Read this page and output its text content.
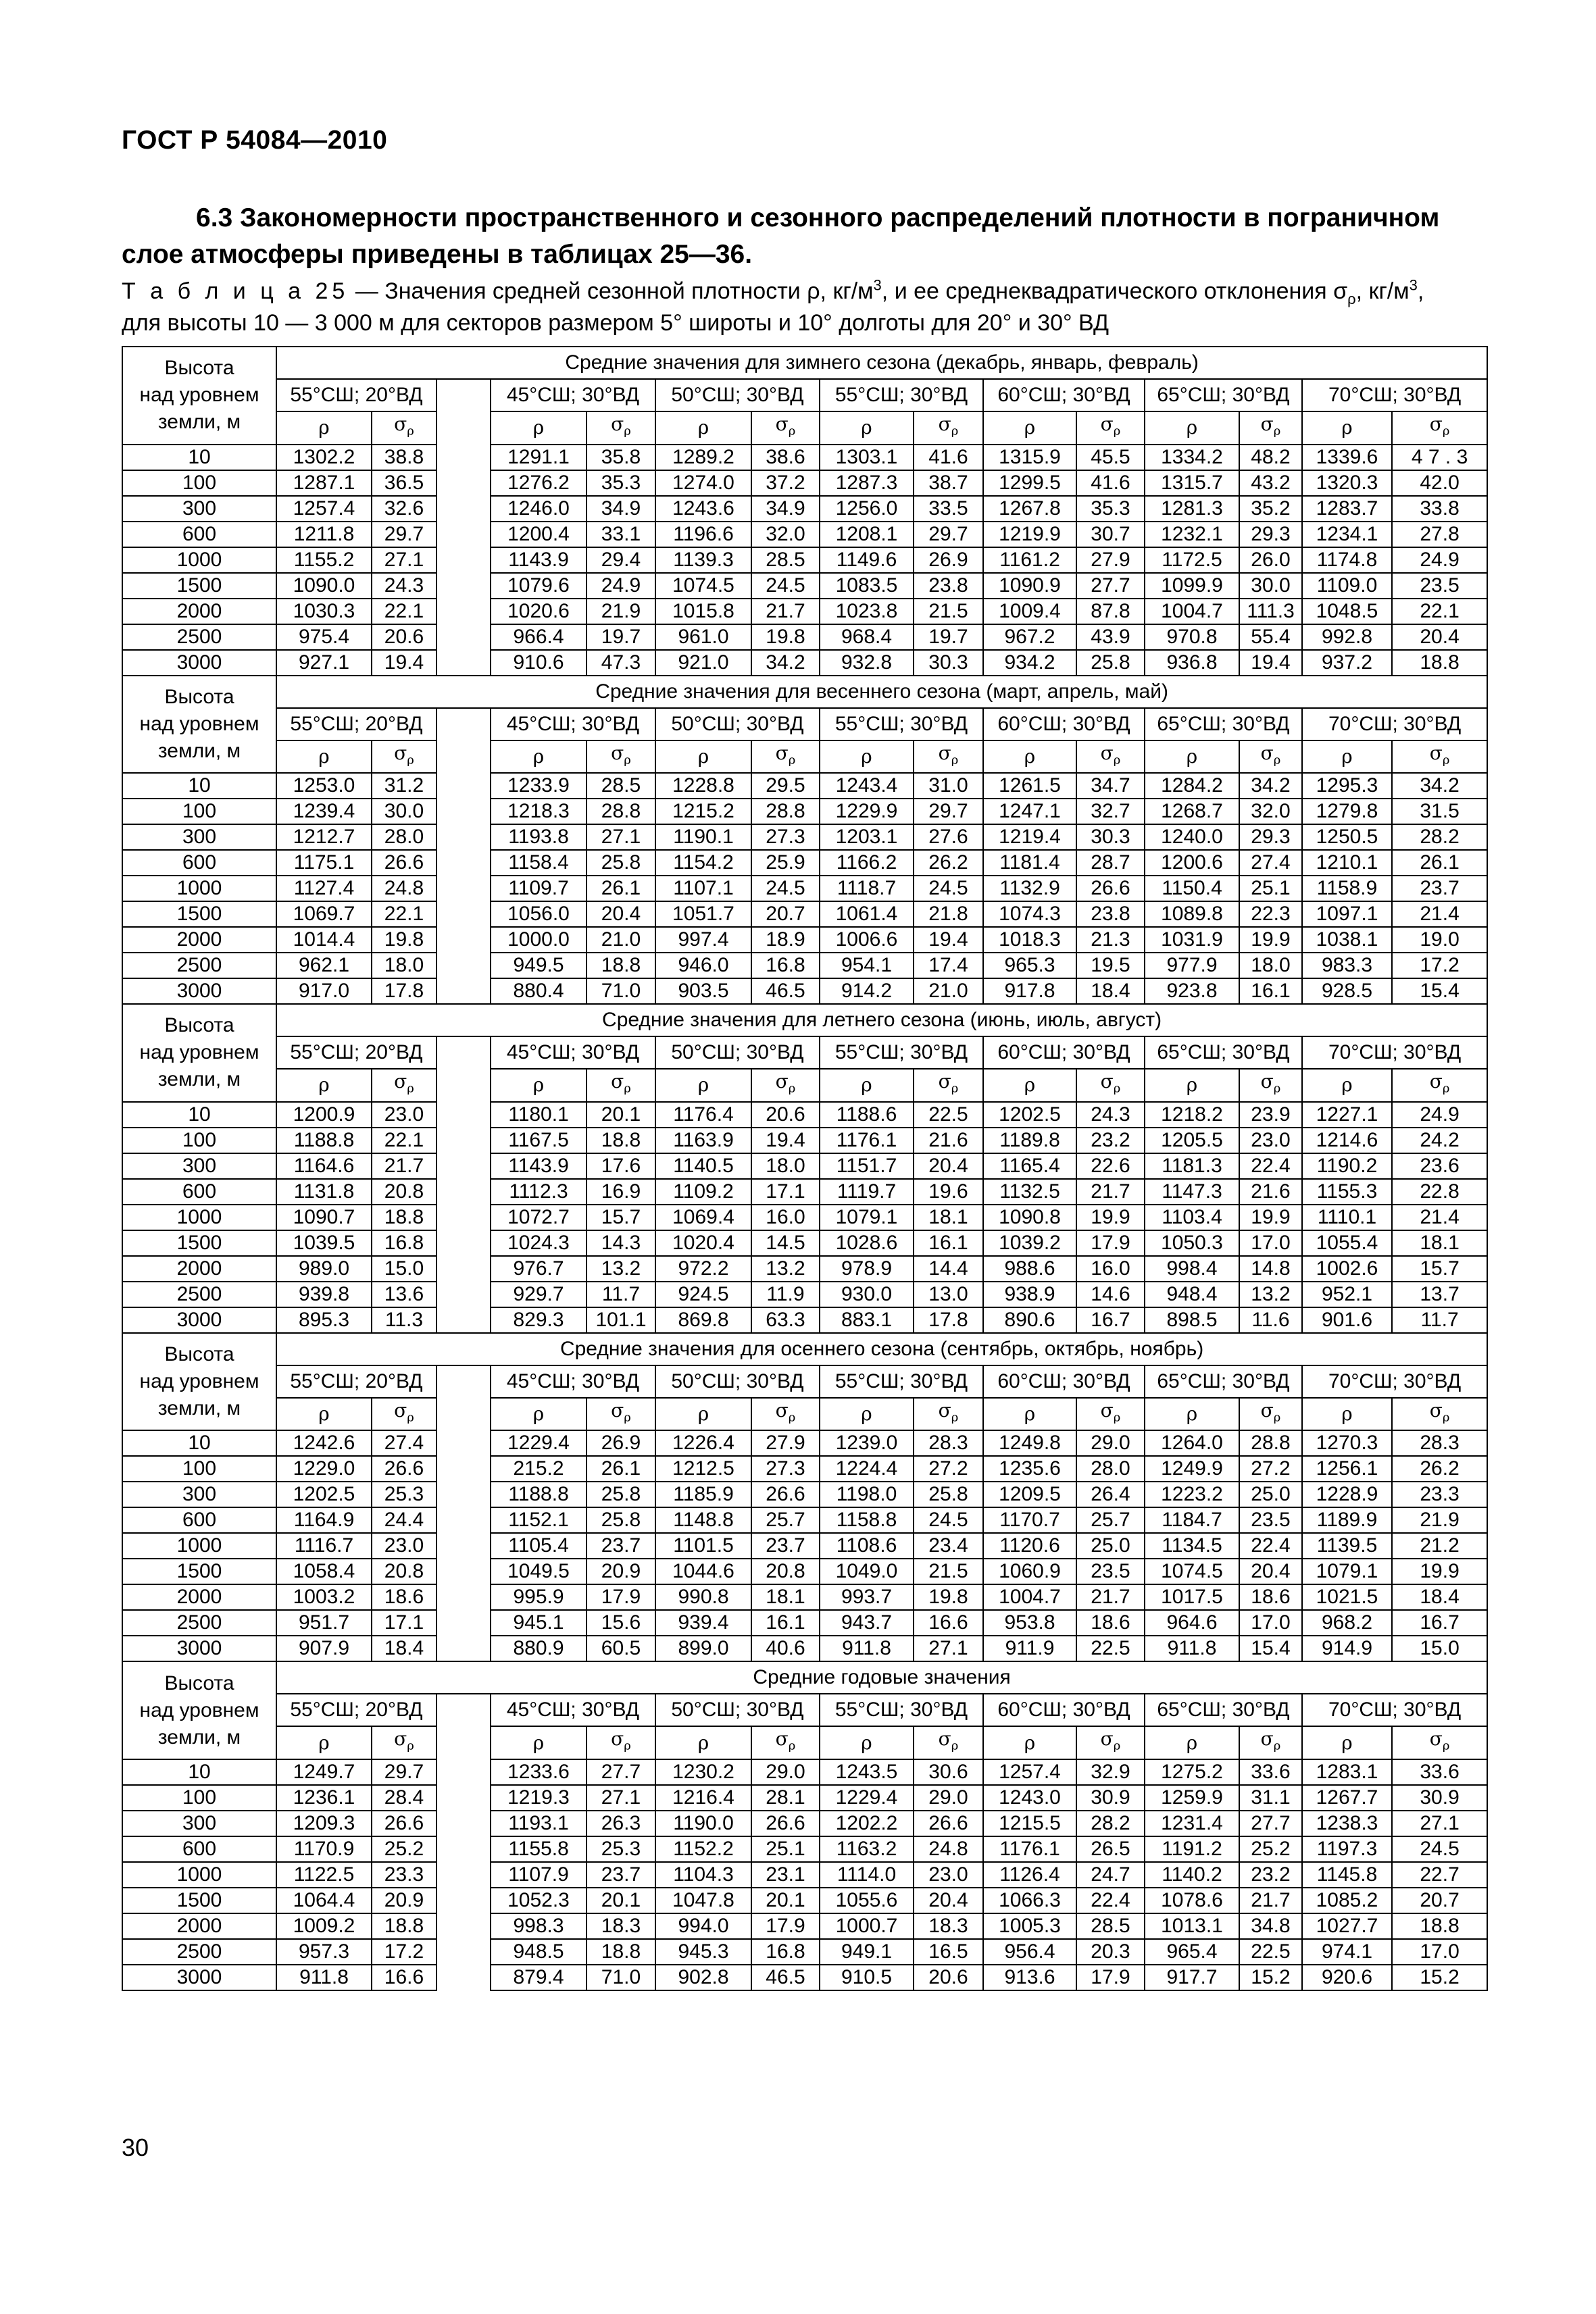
ГОСТ Р 54084—2010
6.3 Закономерности пространственного и сезонного распределений плотности в пограничном слое атмосферы приведены в таблицах 25—36.
Т а б л и ц а 25 — Значения средней сезонной плотности ρ, $кг/м^3$, и ее среднеквадратического отклонения $\sigma_\rho$, $кг/м^3$,
для высоты 10 — 3 000 м для секторов размером 5° широты и 10° долготы для 20° и 30° ВД
Высота
над уровнем
земли, м	Средние значения для зимнего сезона (декабрь, январь, февраль)														
	55°СШ; 20°ВД			45°СШ; 30°ВД		50°СШ; 30°ВД		55°СШ; 30°ВД		60°СШ; 30°ВД		65°СШ; 30°ВД		70°СШ; 30°ВД	
	ρ	$\sigma_\rho$		ρ	$\sigma_\rho$	ρ	$\sigma_\rho$	ρ	$\sigma_\rho$	ρ	$\sigma_\rho$	ρ	$\sigma_\rho$	ρ	$\sigma_\rho$
10	1302.2	38.8		1291.1	35.8	1289.2	38.6	1303.1	41.6	1315.9	45.5	1334.2	48.2	1339.6	4 7 . 3
100	1287.1	36.5		1276.2	35.3	1274.0	37.2	1287.3	38.7	1299.5	41.6	1315.7	43.2	1320.3	42.0
300	1257.4	32.6		1246.0	34.9	1243.6	34.9	1256.0	33.5	1267.8	35.3	1281.3	35.2	1283.7	33.8
600	1211.8	29.7		1200.4	33.1	1196.6	32.0	1208.1	29.7	1219.9	30.7	1232.1	29.3	1234.1	27.8
1000	1155.2	27.1		1143.9	29.4	1139.3	28.5	1149.6	26.9	1161.2	27.9	1172.5	26.0	1174.8	24.9
1500	1090.0	24.3		1079.6	24.9	1074.5	24.5	1083.5	23.8	1090.9	27.7	1099.9	30.0	1109.0	23.5
2000	1030.3	22.1		1020.6	21.9	1015.8	21.7	1023.8	21.5	1009.4	87.8	1004.7	111.3	1048.5	22.1
2500	975.4	20.6		966.4	19.7	961.0	19.8	968.4	19.7	967.2	43.9	970.8	55.4	992.8	20.4
3000	927.1	19.4		910.6	47.3	921.0	34.2	932.8	30.3	934.2	25.8	936.8	19.4	937.2	18.8

Высота
над уровнем
земли, м	Средние значения для весеннего сезона (март, апрель, май)														
	55°СШ; 20°ВД			45°СШ; 30°ВД		50°СШ; 30°ВД		55°СШ; 30°ВД		60°СШ; 30°ВД		65°СШ; 30°ВД		70°СШ; 30°ВД	
	ρ	$\sigma_\rho$		ρ	$\sigma_\rho$	ρ	$\sigma_\rho$	ρ	$\sigma_\rho$	ρ	$\sigma_\rho$	ρ	$\sigma_\rho$	ρ	$\sigma_\rho$
10	1253.0	31.2		1233.9	28.5	1228.8	29.5	1243.4	31.0	1261.5	34.7	1284.2	34.2	1295.3	34.2
100	1239.4	30.0		1218.3	28.8	1215.2	28.8	1229.9	29.7	1247.1	32.7	1268.7	32.0	1279.8	31.5
300	1212.7	28.0		1193.8	27.1	1190.1	27.3	1203.1	27.6	1219.4	30.3	1240.0	29.3	1250.5	28.2
600	1175.1	26.6		1158.4	25.8	1154.2	25.9	1166.2	26.2	1181.4	28.7	1200.6	27.4	1210.1	26.1
1000	1127.4	24.8		1109.7	26.1	1107.1	24.5	1118.7	24.5	1132.9	26.6	1150.4	25.1	1158.9	23.7
1500	1069.7	22.1		1056.0	20.4	1051.7	20.7	1061.4	21.8	1074.3	23.8	1089.8	22.3	1097.1	21.4
2000	1014.4	19.8		1000.0	21.0	997.4	18.9	1006.6	19.4	1018.3	21.3	1031.9	19.9	1038.1	19.0
2500	962.1	18.0		949.5	18.8	946.0	16.8	954.1	17.4	965.3	19.5	977.9	18.0	983.3	17.2
3000	917.0	17.8		880.4	71.0	903.5	46.5	914.2	21.0	917.8	18.4	923.8	16.1	928.5	15.4

Высота
над уровнем
земли, м	Средние значения для летнего сезона (июнь, июль, август)														
	55°СШ; 20°ВД			45°СШ; 30°ВД		50°СШ; 30°ВД		55°СШ; 30°ВД		60°СШ; 30°ВД		65°СШ; 30°ВД		70°СШ; 30°ВД	
	ρ	$\sigma_\rho$		ρ	$\sigma_\rho$	ρ	$\sigma_\rho$	ρ	$\sigma_\rho$	ρ	$\sigma_\rho$	ρ	$\sigma_\rho$	ρ	$\sigma_\rho$
10	1200.9	23.0		1180.1	20.1	1176.4	20.6	1188.6	22.5	1202.5	24.3	1218.2	23.9	1227.1	24.9
100	1188.8	22.1		1167.5	18.8	1163.9	19.4	1176.1	21.6	1189.8	23.2	1205.5	23.0	1214.6	24.2
300	1164.6	21.7		1143.9	17.6	1140.5	18.0	1151.7	20.4	1165.4	22.6	1181.3	22.4	1190.2	23.6
600	1131.8	20.8		1112.3	16.9	1109.2	17.1	1119.7	19.6	1132.5	21.7	1147.3	21.6	1155.3	22.8
1000	1090.7	18.8		1072.7	15.7	1069.4	16.0	1079.1	18.1	1090.8	19.9	1103.4	19.9	1110.1	21.4
1500	1039.5	16.8		1024.3	14.3	1020.4	14.5	1028.6	16.1	1039.2	17.9	1050.3	17.0	1055.4	18.1
2000	989.0	15.0		976.7	13.2	972.2	13.2	978.9	14.4	988.6	16.0	998.4	14.8	1002.6	15.7
2500	939.8	13.6		929.7	11.7	924.5	11.9	930.0	13.0	938.9	14.6	948.4	13.2	952.1	13.7
3000	895.3	11.3		829.3	101.1	869.8	63.3	883.1	17.8	890.6	16.7	898.5	11.6	901.6	11.7

Высота
над уровнем
земли, м	Средние значения для осеннего сезона (сентябрь, октябрь, ноябрь)														
	55°СШ; 20°ВД			45°СШ; 30°ВД		50°СШ; 30°ВД		55°СШ; 30°ВД		60°СШ; 30°ВД		65°СШ; 30°ВД		70°СШ; 30°ВД	
	ρ	$\sigma_\rho$		ρ	$\sigma_\rho$	ρ	$\sigma_\rho$	ρ	$\sigma_\rho$	ρ	$\sigma_\rho$	ρ	$\sigma_\rho$	ρ	$\sigma_\rho$
10	1242.6	27.4		1229.4	26.9	1226.4	27.9	1239.0	28.3	1249.8	29.0	1264.0	28.8	1270.3	28.3
100	1229.0	26.6		215.2	26.1	1212.5	27.3	1224.4	27.2	1235.6	28.0	1249.9	27.2	1256.1	26.2
300	1202.5	25.3		1188.8	25.8	1185.9	26.6	1198.0	25.8	1209.5	26.4	1223.2	25.0	1228.9	23.3
600	1164.9	24.4		1152.1	25.8	1148.8	25.7	1158.8	24.5	1170.7	25.7	1184.7	23.5	1189.9	21.9
1000	1116.7	23.0		1105.4	23.7	1101.5	23.7	1108.6	23.4	1120.6	25.0	1134.5	22.4	1139.5	21.2
1500	1058.4	20.8		1049.5	20.9	1044.6	20.8	1049.0	21.5	1060.9	23.5	1074.5	20.4	1079.1	19.9
2000	1003.2	18.6		995.9	17.9	990.8	18.1	993.7	19.8	1004.7	21.7	1017.5	18.6	1021.5	18.4
2500	951.7	17.1		945.1	15.6	939.4	16.1	943.7	16.6	953.8	18.6	964.6	17.0	968.2	16.7
3000	907.9	18.4		880.9	60.5	899.0	40.6	911.8	27.1	911.9	22.5	911.8	15.4	914.9	15.0

Высота
над уровнем
земли, м	Средние годовые значения														
	55°СШ; 20°ВД			45°СШ; 30°ВД		50°СШ; 30°ВД		55°СШ; 30°ВД		60°СШ; 30°ВД		65°СШ; 30°ВД		70°СШ; 30°ВД	
	ρ	$\sigma_\rho$		ρ	$\sigma_\rho$	ρ	$\sigma_\rho$	ρ	$\sigma_\rho$	ρ	$\sigma_\rho$	ρ	$\sigma_\rho$	ρ	$\sigma_\rho$
10	1249.7	29.7		1233.6	27.7	1230.2	29.0	1243.5	30.6	1257.4	32.9	1275.2	33.6	1283.1	33.6
100	1236.1	28.4		1219.3	27.1	1216.4	28.1	1229.4	29.0	1243.0	30.9	1259.9	31.1	1267.7	30.9
300	1209.3	26.6		1193.1	26.3	1190.0	26.6	1202.2	26.6	1215.5	28.2	1231.4	27.7	1238.3	27.1
600	1170.9	25.2		1155.8	25.3	1152.2	25.1	1163.2	24.8	1176.1	26.5	1191.2	25.2	1197.3	24.5
1000	1122.5	23.3		1107.9	23.7	1104.3	23.1	1114.0	23.0	1126.4	24.7	1140.2	23.2	1145.8	22.7
1500	1064.4	20.9		1052.3	20.1	1047.8	20.1	1055.6	20.4	1066.3	22.4	1078.6	21.7	1085.2	20.7
2000	1009.2	18.8		998.3	18.3	994.0	17.9	1000.7	18.3	1005.3	28.5	1013.1	34.8	1027.7	18.8
2500	957.3	17.2		948.5	18.8	945.3	16.8	949.1	16.5	956.4	20.3	965.4	22.5	974.1	17.0
3000	911.8	16.6		879.4	71.0	902.8	46.5	910.5	20.6	913.6	17.9	917.7	15.2	920.6	15.2
30
